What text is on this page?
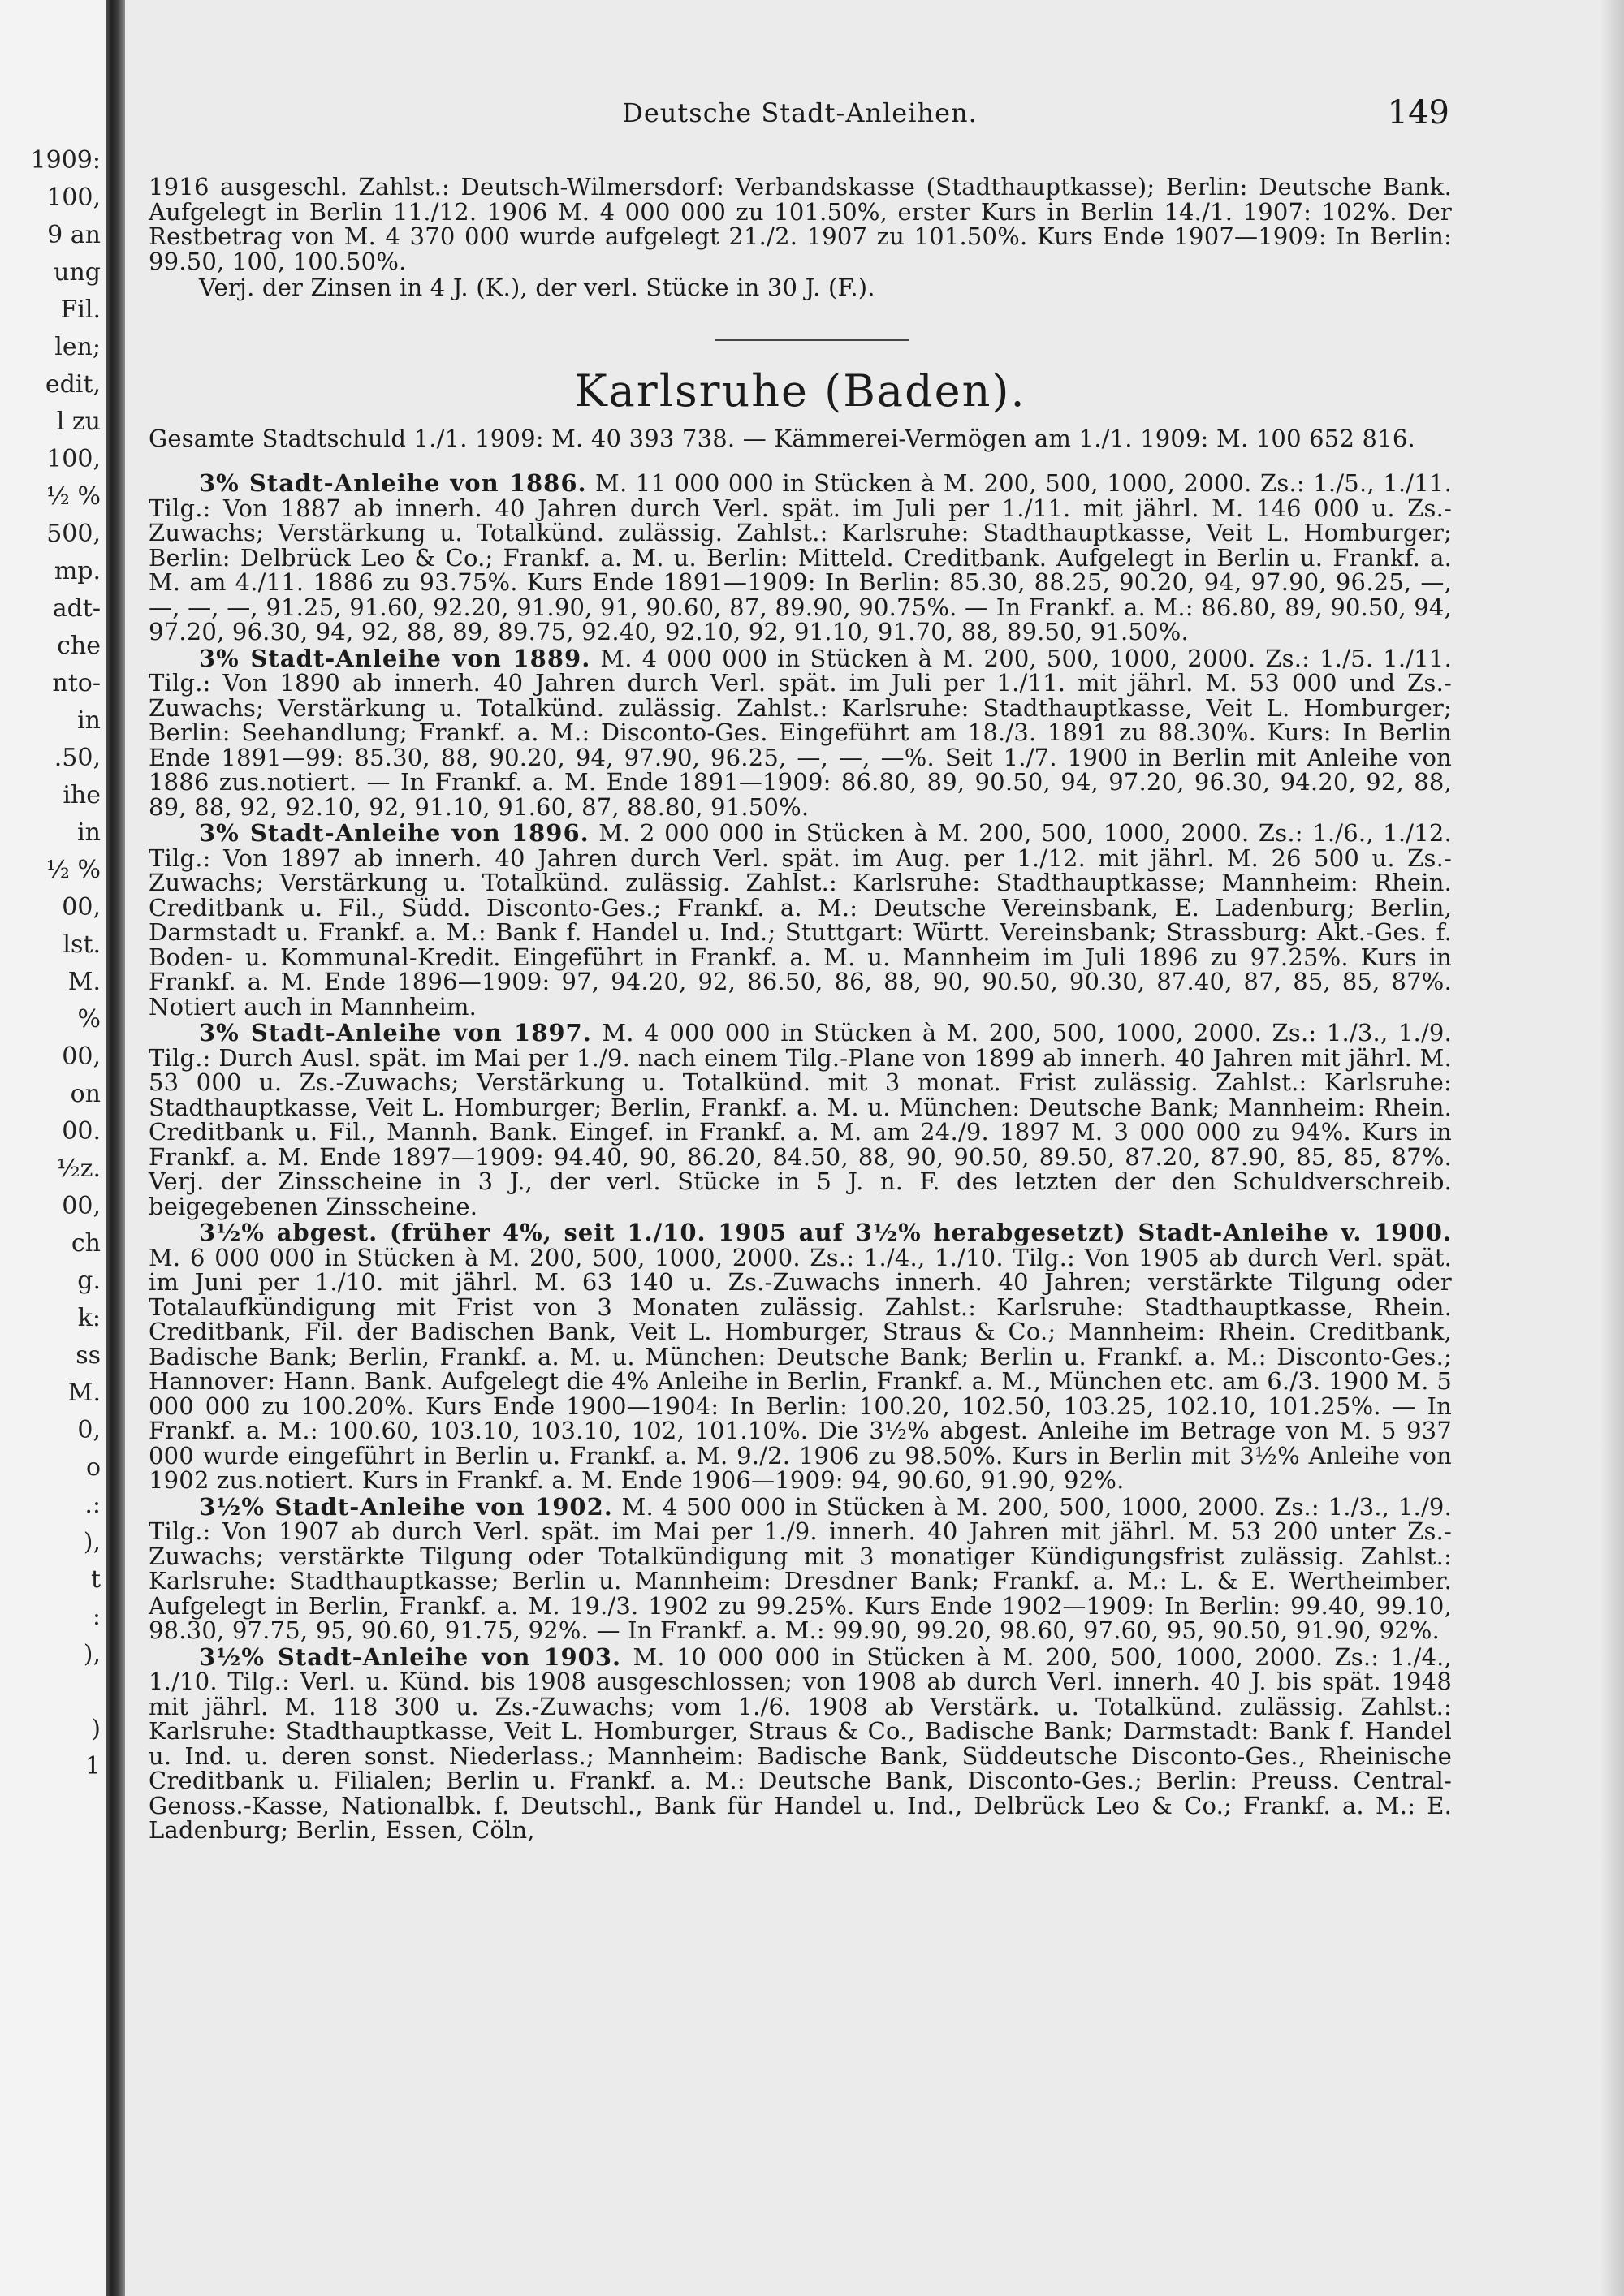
1909:
100,
9 an
ung
Fil.
len;
edit,
l zu
100,
½ %
500,
mp.
adt-
che
nto-
in
.50,
ihe
in
½ %
00,
lst.
M.
%
00,
on
00.
½z.
00,
ch
g.
k:
ss
M.
0,
o
.:
),
t
:
),
)
1
Deutsche Stadt-Anleihen.	149

1916 ausgeschl. Zahlst.: Deutsch-Wilmersdorf: Verbandskasse (Stadthauptkasse); Berlin: Deutsche Bank. Aufgelegt in Berlin 11./12. 1906 M. 4 000 000 zu 101.50%, erster Kurs in Berlin 14./1. 1907: 102%. Der Restbetrag von M. 4 370 000 wurde aufgelegt 21./2. 1907 zu 101.50%. Kurs Ende 1907—1909: In Berlin: 99.50, 100, 100.50%.

Verj. der Zinsen in 4 J. (K.), der verl. Stücke in 30 J. (F.).

Karlsruhe (Baden).

Gesamte Stadtschuld 1./1. 1909: M. 40 393 738. — Kämmerei-Vermögen am 1./1. 1909: M. 100 652 816.

3% Stadt-Anleihe von 1886. M. 11 000 000 in Stücken à M. 200, 500, 1000, 2000. Zs.: 1./5., 1./11. Tilg.: Von 1887 ab innerh. 40 Jahren durch Verl. spät. im Juli per 1./11. mit jährl. M. 146 000 u. Zs.-Zuwachs; Verstärkung u. Totalkünd. zulässig. Zahlst.: Karlsruhe: Stadthauptkasse, Veit L. Homburger; Berlin: Delbrück Leo & Co.; Frankf. a. M. u. Berlin: Mitteld. Creditbank. Aufgelegt in Berlin u. Frankf. a. M. am 4./11. 1886 zu 93.75%. Kurs Ende 1891—1909: In Berlin: 85.30, 88.25, 90.20, 94, 97.90, 96.25, —, —, —, —, 91.25, 91.60, 92.20, 91.90, 91, 90.60, 87, 89.90, 90.75%. — In Frankf. a. M.: 86.80, 89, 90.50, 94, 97.20, 96.30, 94, 92, 88, 89, 89.75, 92.40, 92.10, 92, 91.10, 91.70, 88, 89.50, 91.50%.

3% Stadt-Anleihe von 1889. M. 4 000 000 in Stücken à M. 200, 500, 1000, 2000. Zs.: 1./5. 1./11. Tilg.: Von 1890 ab innerh. 40 Jahren durch Verl. spät. im Juli per 1./11. mit jährl. M. 53 000 und Zs.-Zuwachs; Verstärkung u. Totalkünd. zulässig. Zahlst.: Karlsruhe: Stadthauptkasse, Veit L. Homburger; Berlin: Seehandlung; Frankf. a. M.: Disconto-Ges. Eingeführt am 18./3. 1891 zu 88.30%. Kurs: In Berlin Ende 1891—99: 85.30, 88, 90.20, 94, 97.90, 96.25, —, —, —%. Seit 1./7. 1900 in Berlin mit Anleihe von 1886 zus.notiert. — In Frankf. a. M. Ende 1891—1909: 86.80, 89, 90.50, 94, 97.20, 96.30, 94.20, 92, 88, 89, 88, 92, 92.10, 92, 91.10, 91.60, 87, 88.80, 91.50%.

3% Stadt-Anleihe von 1896. M. 2 000 000 in Stücken à M. 200, 500, 1000, 2000. Zs.: 1./6., 1./12. Tilg.: Von 1897 ab innerh. 40 Jahren durch Verl. spät. im Aug. per 1./12. mit jährl. M. 26 500 u. Zs.-Zuwachs; Verstärkung u. Totalkünd. zulässig. Zahlst.: Karlsruhe: Stadthauptkasse; Mannheim: Rhein. Creditbank u. Fil., Südd. Disconto-Ges.; Frankf. a. M.: Deutsche Vereinsbank, E. Ladenburg; Berlin, Darmstadt u. Frankf. a. M.: Bank f. Handel u. Ind.; Stuttgart: Württ. Vereinsbank; Strassburg: Akt.-Ges. f. Boden- u. Kommunal-Kredit. Eingeführt in Frankf. a. M. u. Mannheim im Juli 1896 zu 97.25%. Kurs in Frankf. a. M. Ende 1896—1909: 97, 94.20, 92, 86.50, 86, 88, 90, 90.50, 90.30, 87.40, 87, 85, 85, 87%. Notiert auch in Mannheim.

3% Stadt-Anleihe von 1897. M. 4 000 000 in Stücken à M. 200, 500, 1000, 2000. Zs.: 1./3., 1./9. Tilg.: Durch Ausl. spät. im Mai per 1./9. nach einem Tilg.-Plane von 1899 ab innerh. 40 Jahren mit jährl. M. 53 000 u. Zs.-Zuwachs; Verstärkung u. Totalkünd. mit 3 monat. Frist zulässig. Zahlst.: Karlsruhe: Stadthauptkasse, Veit L. Homburger; Berlin, Frankf. a. M. u. München: Deutsche Bank; Mannheim: Rhein. Creditbank u. Fil., Mannh. Bank. Eingef. in Frankf. a. M. am 24./9. 1897 M. 3 000 000 zu 94%. Kurs in Frankf. a. M. Ende 1897—1909: 94.40, 90, 86.20, 84.50, 88, 90, 90.50, 89.50, 87.20, 87.90, 85, 85, 87%. Verj. der Zinsscheine in 3 J., der verl. Stücke in 5 J. n. F. des letzten der den Schuldverschreib. beigegebenen Zinsscheine.

3½% abgest. (früher 4%, seit 1./10. 1905 auf 3½% herabgesetzt) Stadt-Anleihe v. 1900. M. 6 000 000 in Stücken à M. 200, 500, 1000, 2000. Zs.: 1./4., 1./10. Tilg.: Von 1905 ab durch Verl. spät. im Juni per 1./10. mit jährl. M. 63 140 u. Zs.-Zuwachs innerh. 40 Jahren; verstärkte Tilgung oder Totalaufkündigung mit Frist von 3 Monaten zulässig. Zahlst.: Karlsruhe: Stadthauptkasse, Rhein. Creditbank, Fil. der Badischen Bank, Veit L. Homburger, Straus & Co.; Mannheim: Rhein. Creditbank, Badische Bank; Berlin, Frankf. a. M. u. München: Deutsche Bank; Berlin u. Frankf. a. M.: Disconto-Ges.; Hannover: Hann. Bank. Aufgelegt die 4% Anleihe in Berlin, Frankf. a. M., München etc. am 6./3. 1900 M. 5 000 000 zu 100.20%. Kurs Ende 1900—1904: In Berlin: 100.20, 102.50, 103.25, 102.10, 101.25%. — In Frankf. a. M.: 100.60, 103.10, 103.10, 102, 101.10%. Die 3½% abgest. Anleihe im Betrage von M. 5 937 000 wurde eingeführt in Berlin u. Frankf. a. M. 9./2. 1906 zu 98.50%. Kurs in Berlin mit 3½% Anleihe von 1902 zus.notiert. Kurs in Frankf. a. M. Ende 1906—1909: 94, 90.60, 91.90, 92%.

3½% Stadt-Anleihe von 1902. M. 4 500 000 in Stücken à M. 200, 500, 1000, 2000. Zs.: 1./3., 1./9. Tilg.: Von 1907 ab durch Verl. spät. im Mai per 1./9. innerh. 40 Jahren mit jährl. M. 53 200 unter Zs.-Zuwachs; verstärkte Tilgung oder Totalkündigung mit 3 monatiger Kündigungsfrist zulässig. Zahlst.: Karlsruhe: Stadthauptkasse; Berlin u. Mannheim: Dresdner Bank; Frankf. a. M.: L. & E. Wertheimber. Aufgelegt in Berlin, Frankf. a. M. 19./3. 1902 zu 99.25%. Kurs Ende 1902—1909: In Berlin: 99.40, 99.10, 98.30, 97.75, 95, 90.60, 91.75, 92%. — In Frankf. a. M.: 99.90, 99.20, 98.60, 97.60, 95, 90.50, 91.90, 92%.

3½% Stadt-Anleihe von 1903. M. 10 000 000 in Stücken à M. 200, 500, 1000, 2000. Zs.: 1./4., 1./10. Tilg.: Verl. u. Künd. bis 1908 ausgeschlossen; von 1908 ab durch Verl. innerh. 40 J. bis spät. 1948 mit jährl. M. 118 300 u. Zs.-Zuwachs; vom 1./6. 1908 ab Verstärk. u. Totalkünd. zulässig. Zahlst.: Karlsruhe: Stadthauptkasse, Veit L. Homburger, Straus & Co., Badische Bank; Darmstadt: Bank f. Handel u. Ind. u. deren sonst. Niederlass.; Mannheim: Badische Bank, Süddeutsche Disconto-Ges., Rheinische Creditbank u. Filialen; Berlin u. Frankf. a. M.: Deutsche Bank, Disconto-Ges.; Berlin: Preuss. Central-Genoss.-Kasse, Nationalbk. f. Deutschl., Bank für Handel u. Ind., Delbrück Leo & Co.; Frankf. a. M.: E. Ladenburg; Berlin, Essen, Cöln,
